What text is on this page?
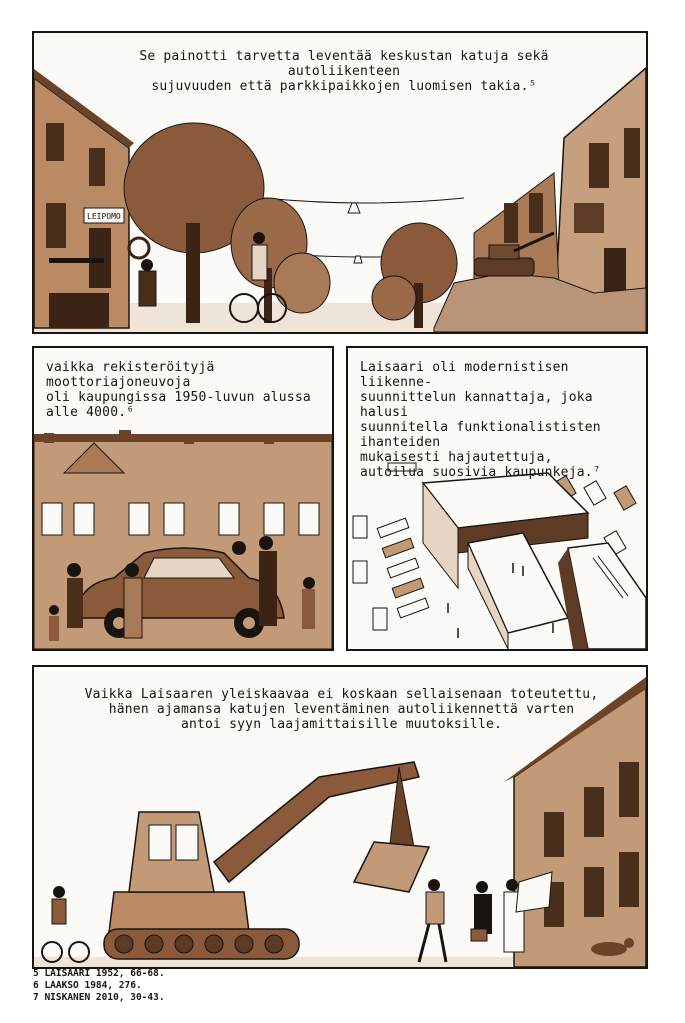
LEIPOMO
Se painotti tarvetta leventää keskustan katuja sekä autoliikenteen
sujuvuuden että parkkipaikkojen luomisen takia.⁵
vaikka rekisteröityjä moottoriajoneuvoja
oli kaupungissa 1950-luvun alussa
alle 4000.⁶
Laisaari oli modernistisen liikenne-
suunnittelun kannattaja, joka halusi
suunnitella funktionalististen ihanteiden
mukaisesti hajautettuja,
autoilua suosivia kaupunkeja.⁷
Vaikka Laisaaren yleiskaavaa ei koskaan sellaisenaan toteutettu,
hänen ajamansa katujen leventäminen autoliikennettä varten
antoi syyn laajamittaisille muutoksille.
5 LAISAARI 1952, 66-68.
6 LAAKSO 1984, 276.
7 NISKANEN 2010, 30-43.
